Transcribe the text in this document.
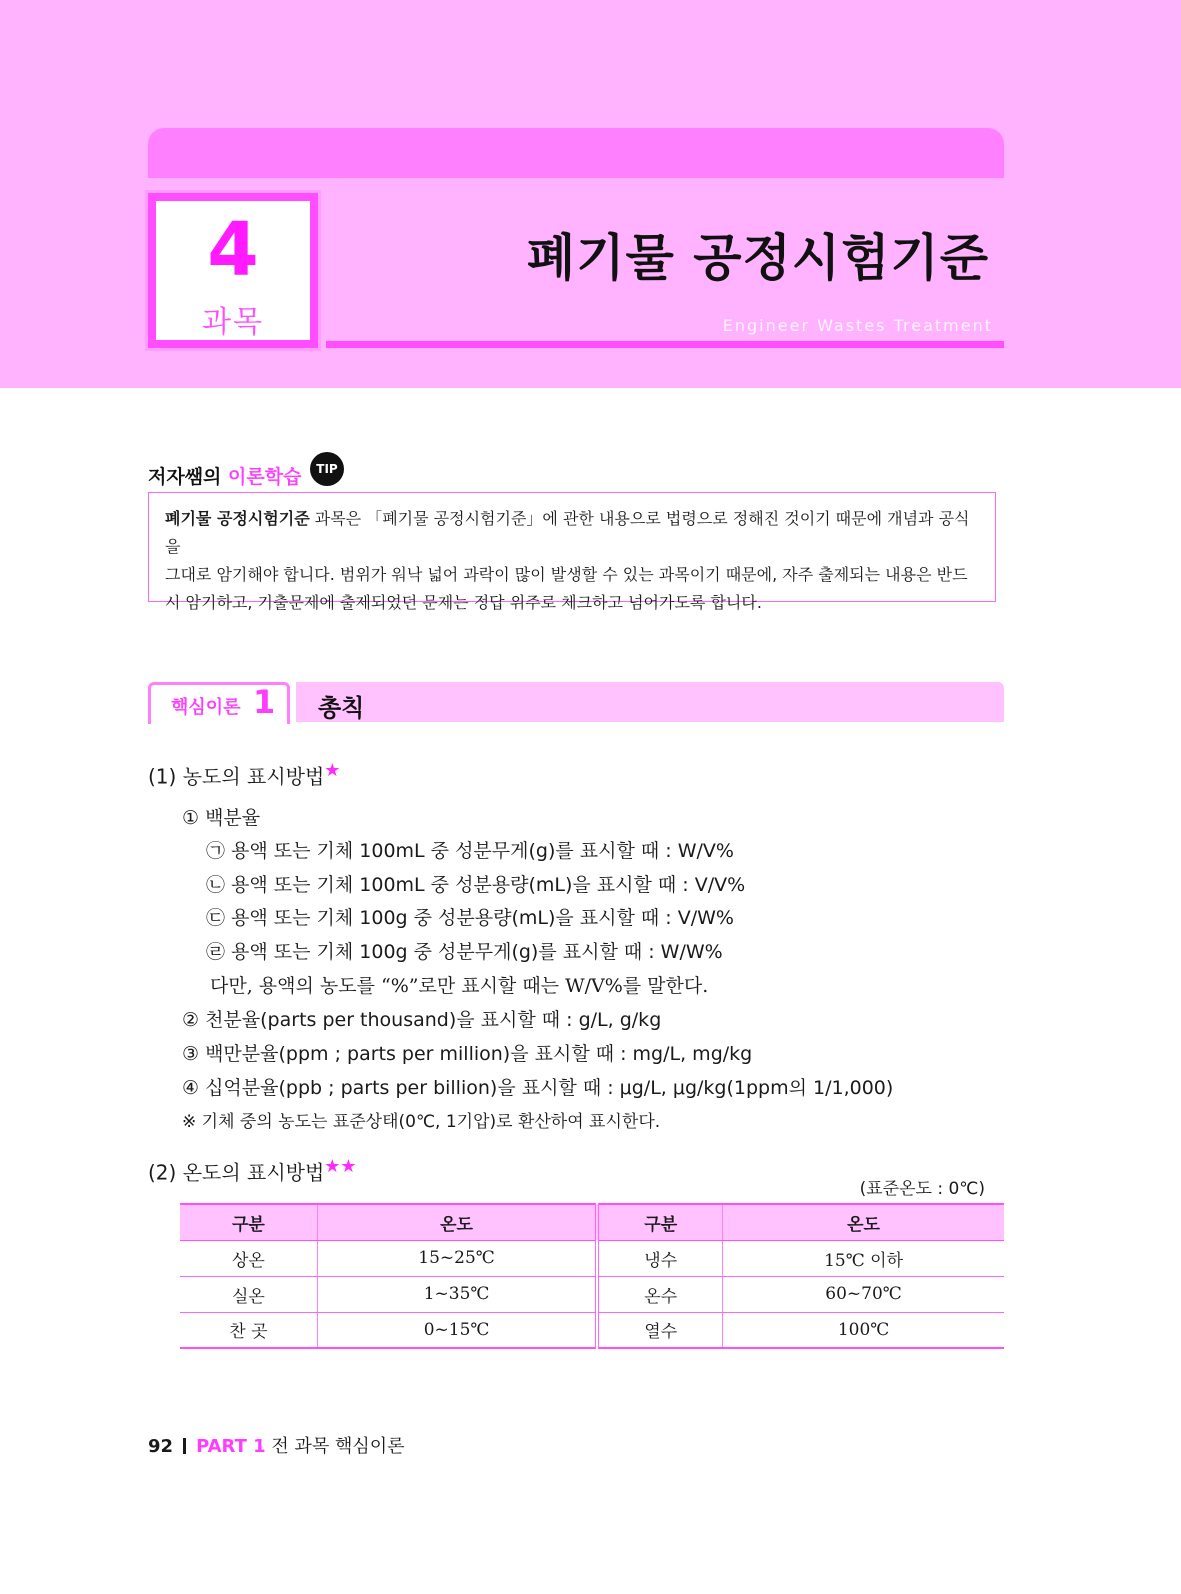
4
과목
폐기물 공정시험기준
Engineer Wastes Treatment
저자쌤의 이론학습	TIP
폐기물 공정시험기준 과목은 「폐기물 공정시험기준」에 관한 내용으로 법령으로 정해진 것이기 때문에 개념과 공식을
그대로 암기해야 합니다. 범위가 워낙 넓어 과락이 많이 발생할 수 있는 과목이기 때문에, 자주 출제되는 내용은 반드
시 암기하고, 기출문제에 출제되었던 문제는 정답 위주로 체크하고 넘어가도록 합니다.
핵심이론 1 총칙
(1) 농도의 표시방법★
① 백분율
㉠ 용액 또는 기체 100mL 중 성분무게(g)를 표시할 때 : W/V%
㉡ 용액 또는 기체 100mL 중 성분용량(mL)을 표시할 때 : V/V%
㉢ 용액 또는 기체 100g 중 성분용량(mL)을 표시할 때 : V/W%
㉣ 용액 또는 기체 100g 중 성분무게(g)를 표시할 때 : W/W%
다만, 용액의 농도를 “%”로만 표시할 때는 W/V%를 말한다.
② 천분율(parts per thousand)을 표시할 때 : g/L, g/kg
③ 백만분율(ppm ; parts per million)을 표시할 때 : mg/L, mg/kg
④ 십억분율(ppb ; parts per billion)을 표시할 때 : μg/L, μg/kg(1ppm의 1/1,000)
※ 기체 중의 농도는 표준상태(0℃, 1기압)로 환산하여 표시한다.
(2) 온도의 표시방법★★
(표준온도 : 0℃)
구분	온도	구분	온도
상온	15~25℃	냉수	15℃ 이하
실온	1~35℃	온수	60~70℃
찬 곳	0~15℃	열수	100℃
92 PART 1 전 과목 핵심이론
